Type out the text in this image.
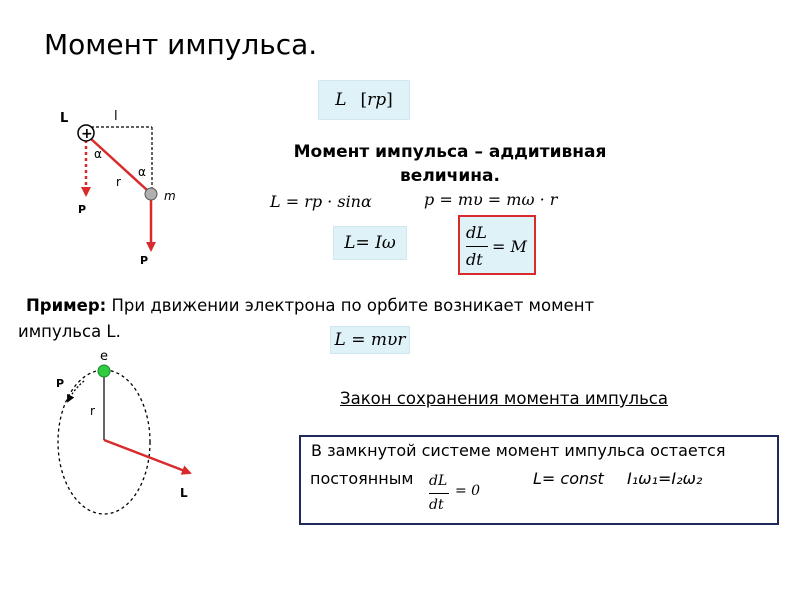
Момент импульса.
L [ rp ]
+
L	l
α
α
r
m
P
P
Момент импульса – аддитивная
величина.
L = rp · sinα	p = mυ = mω · r
L = I ω
dL
dt
= M
Пример: При движении электрона по орбите возникает момент
импульса L.	L = mυr
e
P
r
L
Закон сохранения момента импульса
В замкнутой системе момент импульса остается
постоянным dL
dt
= 0
L= const I₁ω₁=I₂ω₂
